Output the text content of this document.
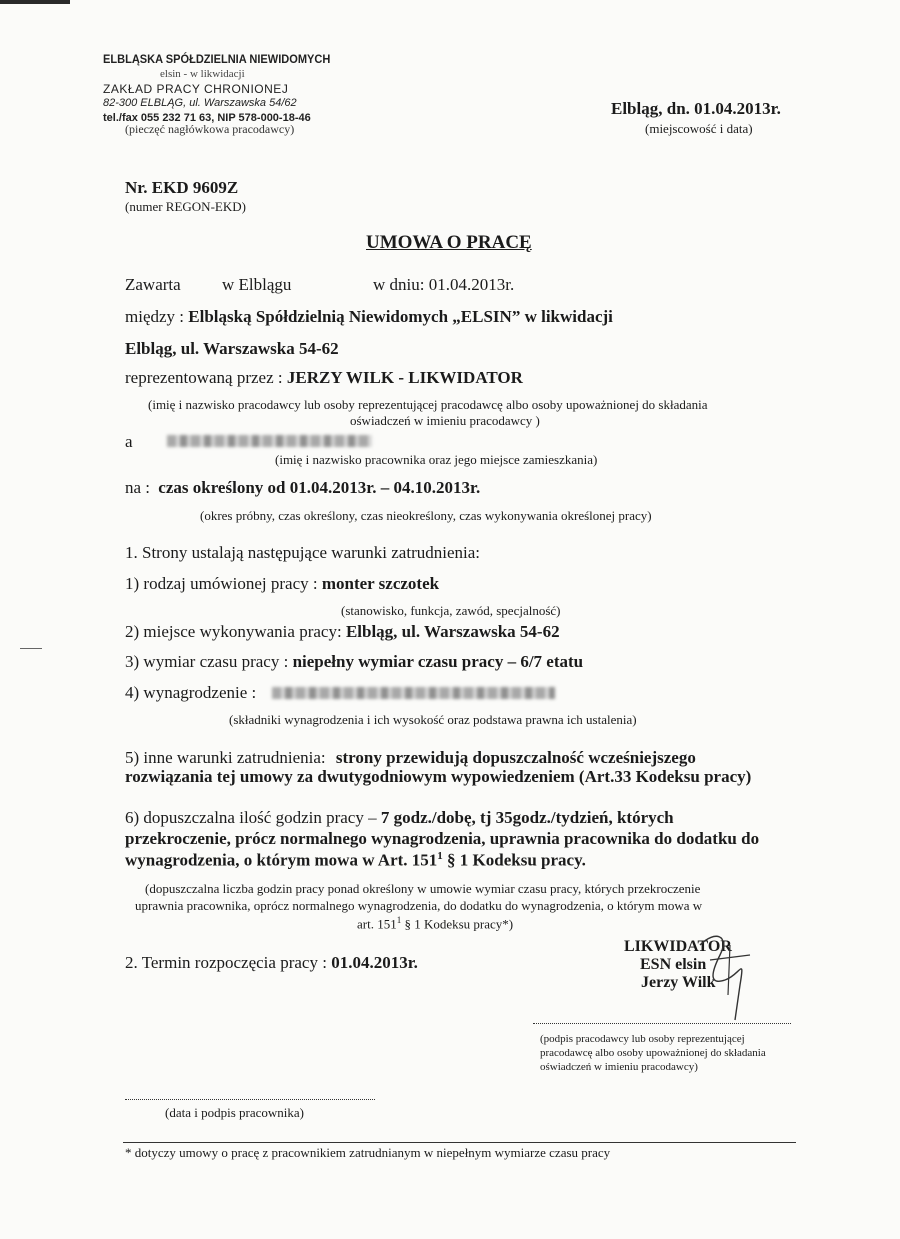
ELBLĄSKA SPÓŁDZIELNIA NIEWIDOMYCH
elsin - w likwidacji
ZAKŁAD PRACY CHRONIONEJ
82-300 ELBLĄG, ul. Warszawska 54/62
tel./fax 055 232 71 63, NIP 578-000-18-46
(pieczęć nagłówkowa pracodawcy)
Elbląg, dn. 01.04.2013r.
(miejscowość i data)
Nr. EKD 9609Z
(numer REGON-EKD)
UMOWA O PRACĘ
Zawarta w Elblągu	w dniu: 01.04.2013r.
między : Elbląską Spółdzielnią Niewidomych „ELSIN” w likwidacji
Elbląg, ul. Warszawska 54-62
reprezentowaną przez : JERZY WILK - LIKWIDATOR
(imię i nazwisko pracodawcy lub osoby reprezentującej pracodawcę albo osoby upoważnionej do składania
oświadczeń w imieniu pracodawcy )
a
(imię i nazwisko pracownika oraz jego miejsce zamieszkania)
na : czas określony od 01.04.2013r. – 04.10.2013r.
(okres próbny, czas określony, czas nieokreślony, czas wykonywania określonej pracy)
1. Strony ustalają następujące warunki zatrudnienia:
1) rodzaj umówionej pracy : monter szczotek
(stanowisko, funkcja, zawód, specjalność)
2) miejsce wykonywania pracy: Elbląg, ul. Warszawska 54-62
3) wymiar czasu pracy : niepełny wymiar czasu pracy – 6/7 etatu
4) wynagrodzenie :
(składniki wynagrodzenia i ich wysokość oraz podstawa prawna ich ustalenia)
5) inne warunki zatrudnienia: strony przewidują dopuszczalność wcześniejszego
rozwiązania tej umowy za dwutygodniowym wypowiedzeniem (Art.33 Kodeksu pracy)
6) dopuszczalna ilość godzin pracy – 7 godz./dobę, tj 35godz./tydzień, których
przekroczenie, prócz normalnego wynagrodzenia, uprawnia pracownika do dodatku do
wynagrodzenia, o którym mowa w Art. $151^1$ § 1 Kodeksu pracy.
(dopuszczalna liczba godzin pracy ponad określony w umowie wymiar czasu pracy, których przekroczenie
uprawnia pracownika, oprócz normalnego wynagrodzenia, do dodatku do wynagrodzenia, o którym mowa w
art. $151^1$ § 1 Kodeksu pracy*)
2. Termin rozpoczęcia pracy : 01.04.2013r.
LIKWIDATOR
ESN elsin
Jerzy Wilk
(podpis pracodawcy lub osoby reprezentującej
pracodawcę albo osoby upoważnionej do składania
oświadczeń w imieniu pracodawcy)
(data i podpis pracownika)
* dotyczy umowy o pracę z pracownikiem zatrudnianym w niepełnym wymiarze czasu pracy
